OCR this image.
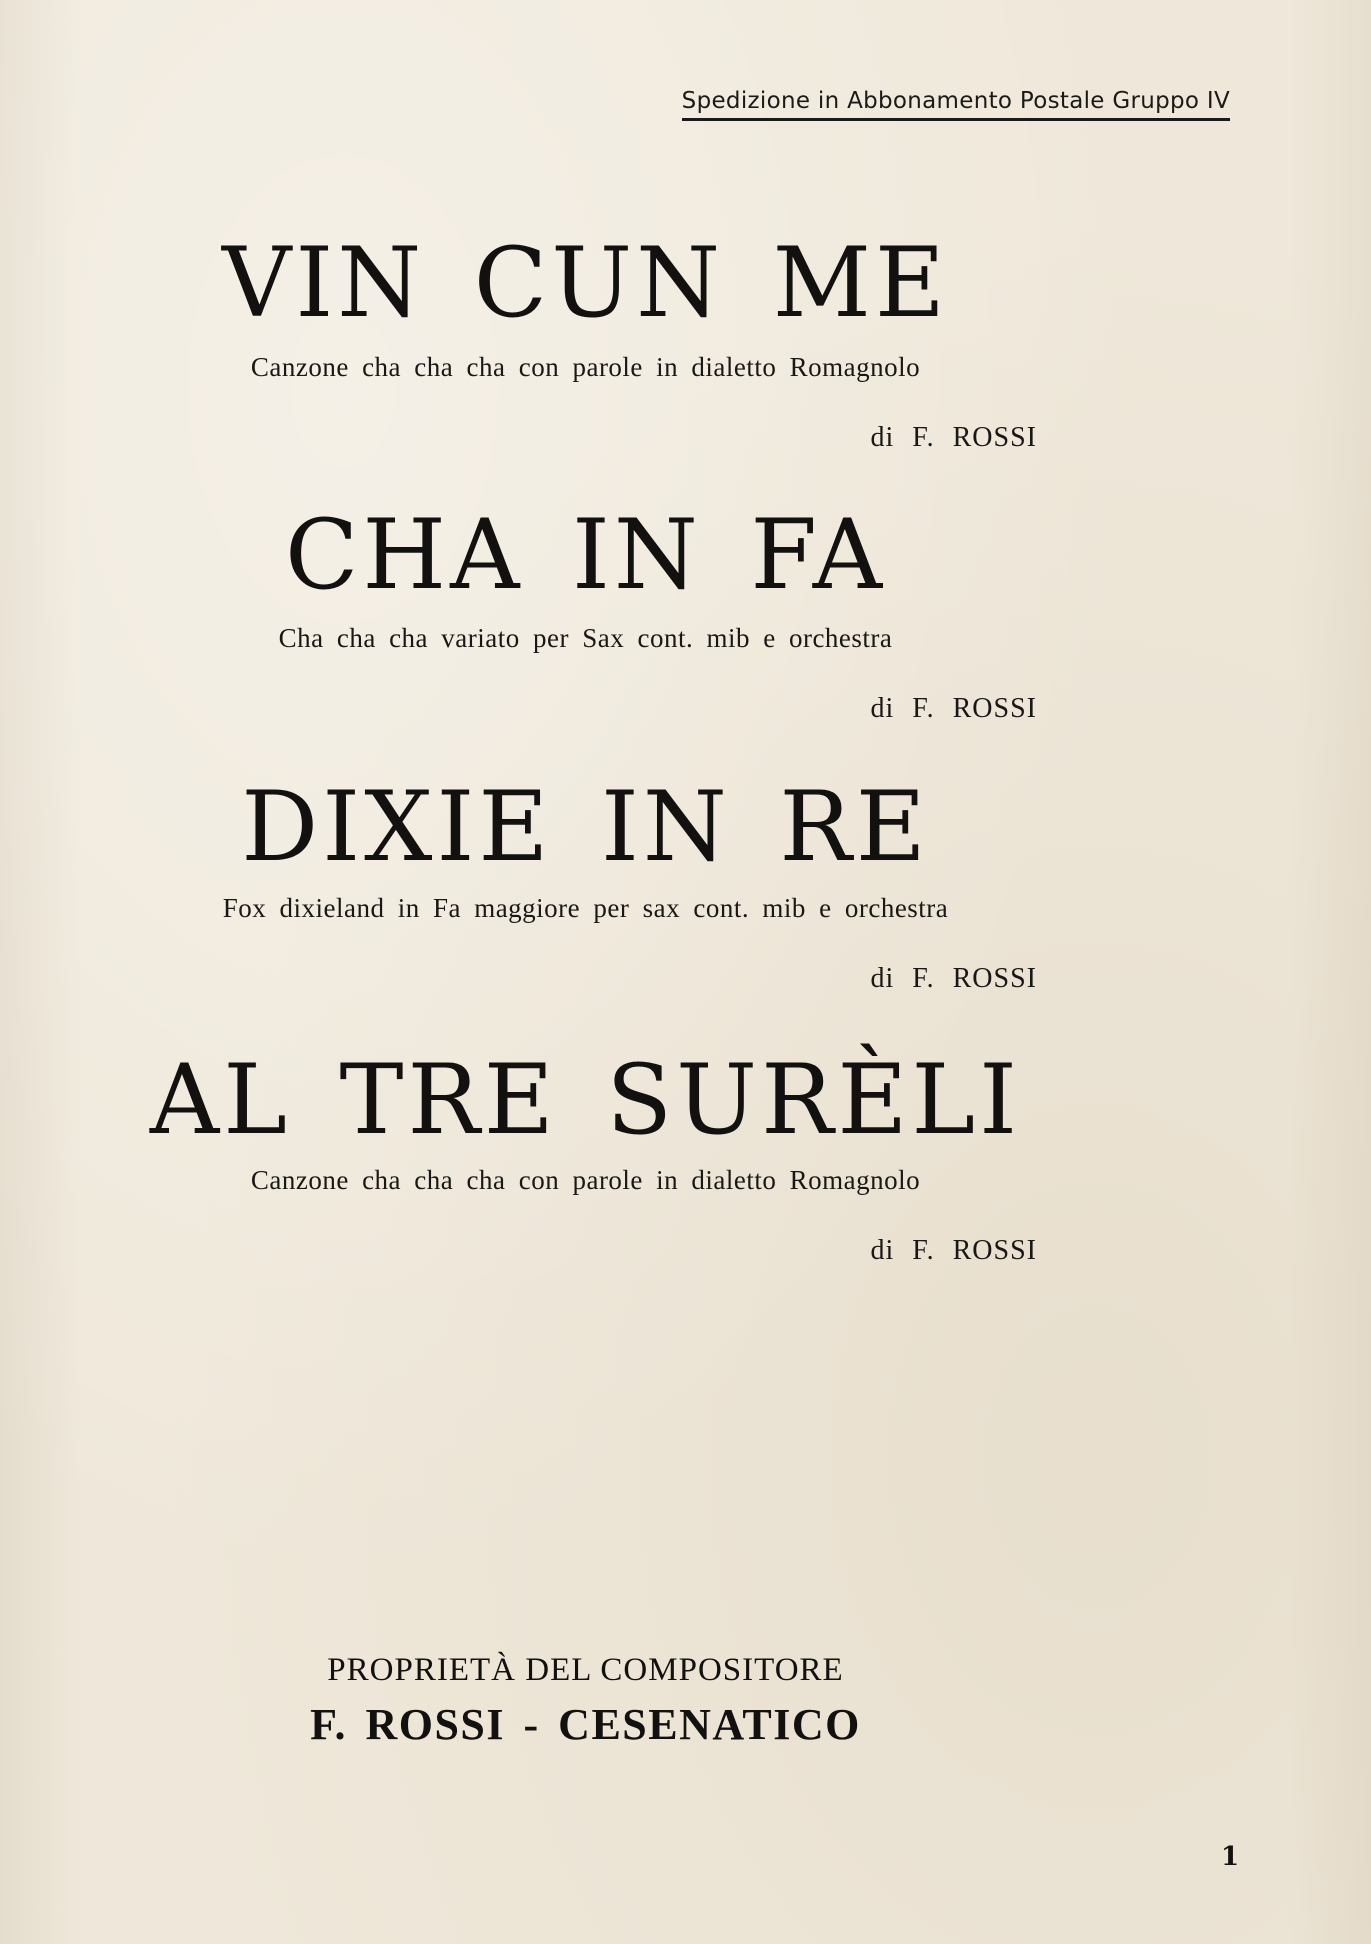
Spedizione in Abbonamento Postale Gruppo IV
VIN CUN ME
Canzone cha cha cha con parole in dialetto Romagnolo
di F. ROSSI
CHA IN FA
Cha cha cha variato per Sax cont. mib e orchestra
di F. ROSSI
DIXIE IN RE
Fox dixieland in Fa maggiore per sax cont. mib e orchestra
di F. ROSSI
AL TRE SURÈLI
Canzone cha cha cha con parole in dialetto Romagnolo
di F. ROSSI
PROPRIETÀ DEL COMPOSITORE
F. ROSSI - CESENATICO
1
